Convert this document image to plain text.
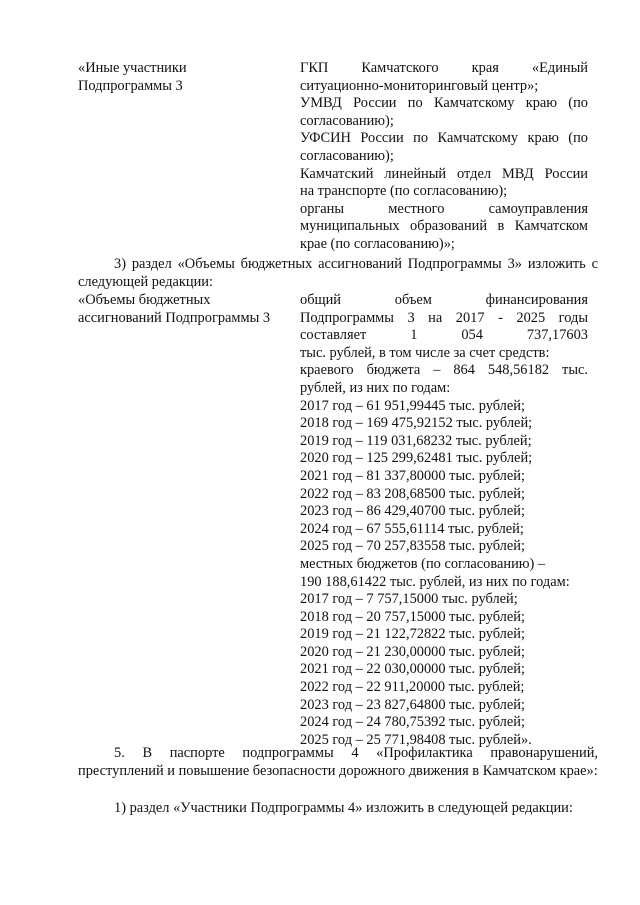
«Иные участники
Подпрограммы 3
ГКП Камчатского края «Единый
ситуационно-мониторинговый центр»;
УМВД России по Камчатскому краю (по
согласованию);
УФСИН России по Камчатскому краю (по
согласованию);
Камчатский линейный отдел МВД России
на транспорте (по согласованию);
органы местного самоуправления
муниципальных образований в Камчатском
крае (по согласованию)»;
3) раздел «Объемы бюджетных ассигнований Подпрограммы 3» изложить с следующей редакции:
«Объемы бюджетных
ассигнований Подпрограммы 3
общий объем финансирования
Подпрограммы 3 на 2017 - 2025 годы
составляет 1 054 737,17603
тыс. рублей, в том числе за счет средств:
краевого бюджета – 864 548,56182 тыс.
рублей, из них по годам:
2017 год – 61 951,99445 тыс. рублей;
2018 год – 169 475,92152 тыс. рублей;
2019 год – 119 031,68232 тыс. рублей;
2020 год – 125 299,62481 тыс. рублей;
2021 год – 81 337,80000 тыс. рублей;
2022 год – 83 208,68500 тыс. рублей;
2023 год – 86 429,40700 тыс. рублей;
2024 год – 67 555,61114 тыс. рублей;
2025 год – 70 257,83558 тыс. рублей;
местных бюджетов (по согласованию) –
190 188,61422 тыс. рублей, из них по годам:
2017 год – 7 757,15000 тыс. рублей;
2018 год – 20 757,15000 тыс. рублей;
2019 год – 21 122,72822 тыс. рублей;
2020 год – 21 230,00000 тыс. рублей;
2021 год – 22 030,00000 тыс. рублей;
2022 год – 22 911,20000 тыс. рублей;
2023 год – 23 827,64800 тыс. рублей;
2024 год – 24 780,75392 тыс. рублей;
2025 год – 25 771,98408 тыс. рублей».
5. В паспорте подпрограммы 4 «Профилактика правонарушений, преступлений и повышение безопасности дорожного движения в Камчатском крае»:
1) раздел «Участники Подпрограммы 4» изложить в следующей редакции:
